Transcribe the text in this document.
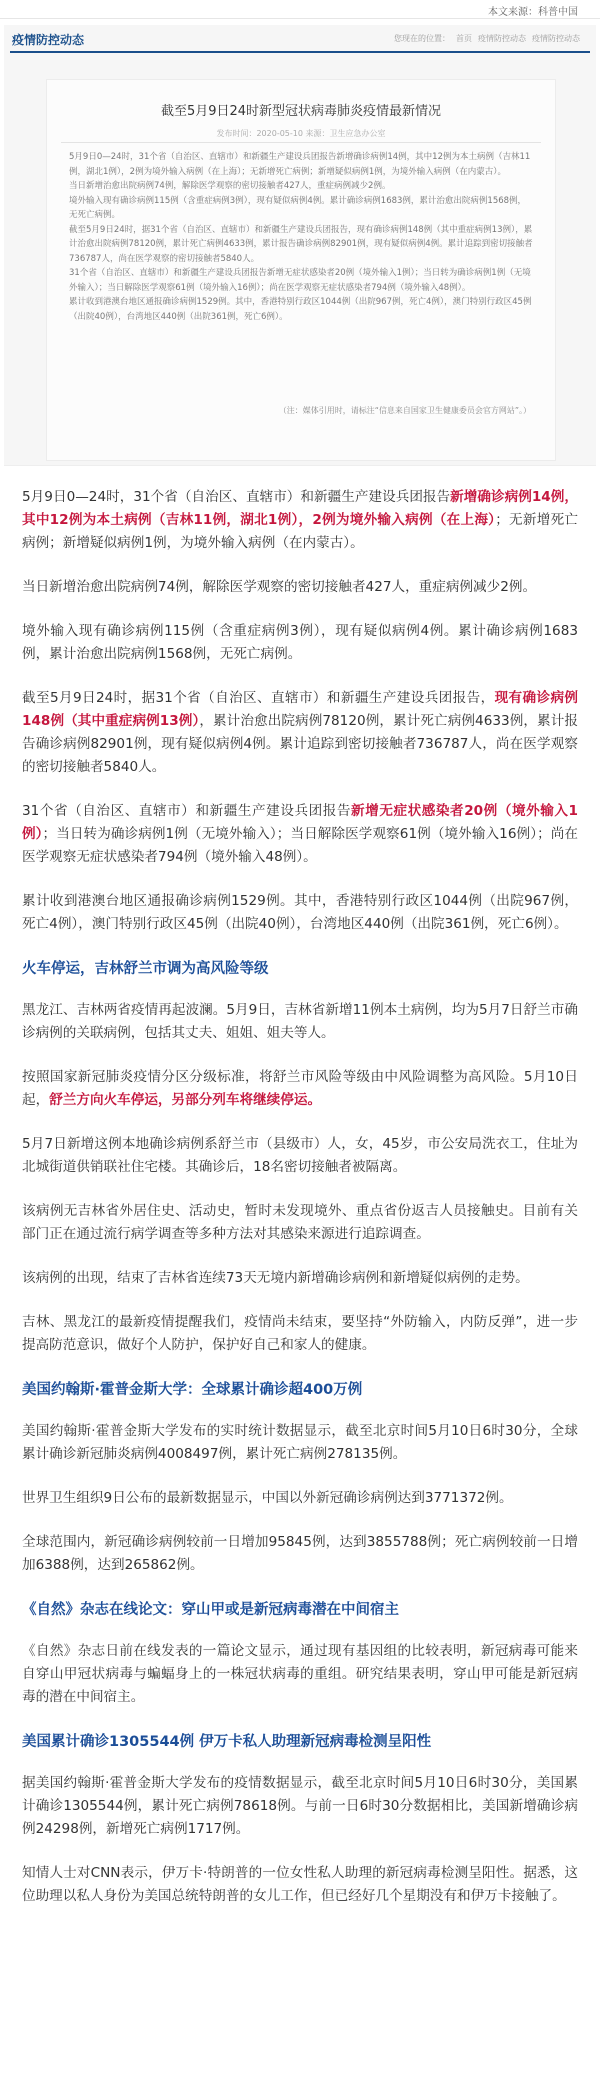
本文来源：科普中国
疫情防控动态	您现在的位置： 首页 疫情防控动态 疫情防控动态
截至5月9日24时新型冠状病毒肺炎疫情最新情况
发布时间：2020-05-10 来源：卫生应急办公室
5月9日0—24时，31个省（自治区、直辖市）和新疆生产建设兵团报告新增确诊病例14例，其中12例为本土病例（吉林11例，湖北1例），2例为境外输入病例（在上海）；无新增死亡病例；新增疑似病例1例，为境外输入病例（在内蒙古）。
当日新增治愈出院病例74例，解除医学观察的密切接触者427人，重症病例减少2例。
境外输入现有确诊病例115例（含重症病例3例），现有疑似病例4例。累计确诊病例1683例，累计治愈出院病例1568例，无死亡病例。
截至5月9日24时，据31个省（自治区、直辖市）和新疆生产建设兵团报告，现有确诊病例148例（其中重症病例13例），累计治愈出院病例78120例，累计死亡病例4633例，累计报告确诊病例82901例，现有疑似病例4例。累计追踪到密切接触者736787人，尚在医学观察的密切接触者5840人。
31个省（自治区、直辖市）和新疆生产建设兵团报告新增无症状感染者20例（境外输入1例）；当日转为确诊病例1例（无境外输入）；当日解除医学观察61例（境外输入16例）；尚在医学观察无症状感染者794例（境外输入48例）。
累计收到港澳台地区通报确诊病例1529例。其中，香港特别行政区1044例（出院967例，死亡4例），澳门特别行政区45例（出院40例），台湾地区440例（出院361例，死亡6例）。
（注：媒体引用时，请标注“信息来自国家卫生健康委员会官方网站”。）

5月9日0—24时，31个省（自治区、直辖市）和新疆生产建设兵团报告新增确诊病例14例，其中12例为本土病例（吉林11例，湖北1例），2例为境外输入病例（在上海）；无新增死亡病例；新增疑似病例1例，为境外输入病例（在内蒙古）。

当日新增治愈出院病例74例，解除医学观察的密切接触者427人，重症病例减少2例。

境外输入现有确诊病例115例（含重症病例3例），现有疑似病例4例。累计确诊病例1683例，累计治愈出院病例1568例，无死亡病例。

截至5月9日24时，据31个省（自治区、直辖市）和新疆生产建设兵团报告，现有确诊病例148例（其中重症病例13例），累计治愈出院病例78120例，累计死亡病例4633例，累计报告确诊病例82901例，现有疑似病例4例。累计追踪到密切接触者736787人，尚在医学观察的密切接触者5840人。

31个省（自治区、直辖市）和新疆生产建设兵团报告新增无症状感染者20例（境外输入1例）；当日转为确诊病例1例（无境外输入）；当日解除医学观察61例（境外输入16例）；尚在医学观察无症状感染者794例（境外输入48例）。

累计收到港澳台地区通报确诊病例1529例。其中，香港特别行政区1044例（出院967例，死亡4例），澳门特别行政区45例（出院40例），台湾地区440例（出院361例，死亡6例）。

火车停运，吉林舒兰市调为高风险等级

黑龙江、吉林两省疫情再起波澜。5月9日，吉林省新增11例本土病例，均为5月7日舒兰市确诊病例的关联病例，包括其丈夫、姐姐、姐夫等人。

按照国家新冠肺炎疫情分区分级标准，将舒兰市风险等级由中风险调整为高风险。5月10日起，舒兰方向火车停运，另部分列车将继续停运。

5月7日新增这例本地确诊病例系舒兰市（县级市）人，女，45岁，市公安局洗衣工，住址为北城街道供销联社住宅楼。其确诊后，18名密切接触者被隔离。

该病例无吉林省外居住史、活动史，暂时未发现境外、重点省份返吉人员接触史。目前有关部门正在通过流行病学调查等多种方法对其感染来源进行追踪调查。

该病例的出现，结束了吉林省连续73天无境内新增确诊病例和新增疑似病例的走势。

吉林、黑龙江的最新疫情提醒我们，疫情尚未结束，要坚持“外防输入，内防反弹”，进一步提高防范意识，做好个人防护，保护好自己和家人的健康。

美国约翰斯·霍普金斯大学：全球累计确诊超400万例

美国约翰斯·霍普金斯大学发布的实时统计数据显示，截至北京时间5月10日6时30分，全球累计确诊新冠肺炎病例4008497例，累计死亡病例278135例。

世界卫生组织9日公布的最新数据显示，中国以外新冠确诊病例达到3771372例。

全球范围内，新冠确诊病例较前一日增加95845例，达到3855788例；死亡病例较前一日增加6388例，达到265862例。

《自然》杂志在线论文：穿山甲或是新冠病毒潜在中间宿主

《自然》杂志日前在线发表的一篇论文显示，通过现有基因组的比较表明，新冠病毒可能来自穿山甲冠状病毒与蝙蝠身上的一株冠状病毒的重组。研究结果表明，穿山甲可能是新冠病毒的潜在中间宿主。

美国累计确诊1305544例 伊万卡私人助理新冠病毒检测呈阳性

据美国约翰斯·霍普金斯大学发布的疫情数据显示，截至北京时间5月10日6时30分，美国累计确诊1305544例，累计死亡病例78618例。与前一日6时30分数据相比，美国新增确诊病例24298例，新增死亡病例1717例。

知情人士对CNN表示，伊万卡·特朗普的一位女性私人助理的新冠病毒检测呈阳性。据悉，这位助理以私人身份为美国总统特朗普的女儿工作，但已经好几个星期没有和伊万卡接触了。
